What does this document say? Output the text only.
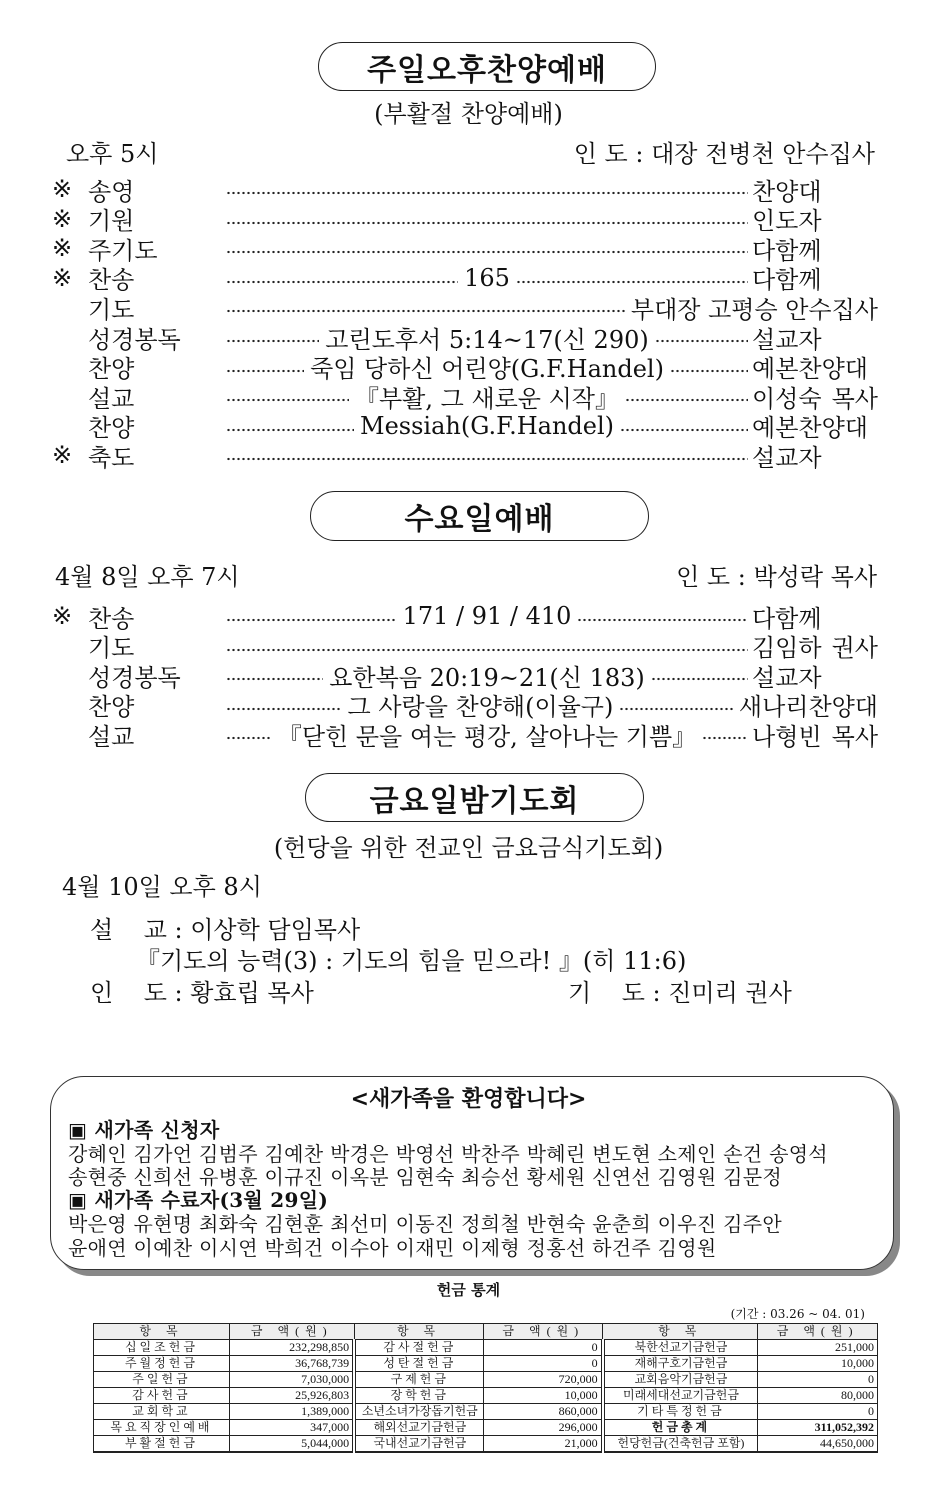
주일오후찬양예배
(부활절 찬양예배)
오후 5시	인 도 : 대장 전병천 안수집사
※ 송영	찬양대
※ 기원	인도자
※ 주기도	다함께
※ 찬송	165	다함께
기도	부대장 고평승 안수집사
성경봉독	고린도후서 5:14~17(신 290)	설교자
찬양	죽임 당하신 어린양(G.F.Handel)	예본찬양대
설교	『부활, 그 새로운 시작』	이성숙 목사
찬양	Messiah(G.F.Handel)	예본찬양대
※ 축도	설교자
수요일예배
4월 8일 오후 7시	인 도 : 박성락 목사
※ 찬송	171 / 91 / 410	다함께
기도	김임하 권사
성경봉독	요한복음 20:19~21(신 183)	설교자
찬양	그 사랑을 찬양해(이율구)	새나리찬양대
설교	『닫힌 문을 여는 평강, 살아나는 기쁨』 나형빈 목사
금요일밤기도회
(헌당을 위한 전교인 금요금식기도회)
4월 10일 오후 8시
설    교 : 이상학 담임목사
『기도의 능력(3) : 기도의 힘을 믿으라! 』(히 11:6)
인    도 : 황효립 목사	기    도 : 진미리 권사
<새가족을 환영합니다>
▣ 새가족 신청자
강혜인 김가언 김범주 김예찬 박경은 박영선 박찬주 박혜린 변도현 소제인 손건 송영석
송현중 신희선 유병훈 이규진 이옥분 임현숙 최승선 황세원 신연선 김영원 김문정
▣ 새가족 수료자(3월 29일)
박은영 유현명 최화숙 김현훈 최선미 이동진 정희철 반현숙 윤춘희 이우진 김주안
윤애연 이예찬 이시연 박희건 이수아 이재민 이제형 정홍선 하건주 김영원
헌금 통계
(기간 : 03.26 ~ 04. 01)
항 목	금 액(원)	항 목	금 액(원)	항 목	금 액(원)
십일조헌금	232,298,850	감사절헌금	0	북한선교기금헌금	251,000
주월정헌금	36,768,739	성탄절헌금	0	재해구호기금헌금	10,000
주일헌금	7,030,000	구제헌금	720,000	교회음악기금헌금	0
감사헌금	25,926,803	장학헌금	10,000	미래세대선교기금헌금	80,000
교회학교	1,389,000	소년소녀가장돕기헌금	860,000	기타특정헌금	0
목요직장인예배	347,000	해외선교기금헌금	296,000	헌금총계	311,052,392
부활절헌금	5,044,000	국내선교기금헌금	21,000	헌당헌금(건축헌금 포함)	44,650,000
